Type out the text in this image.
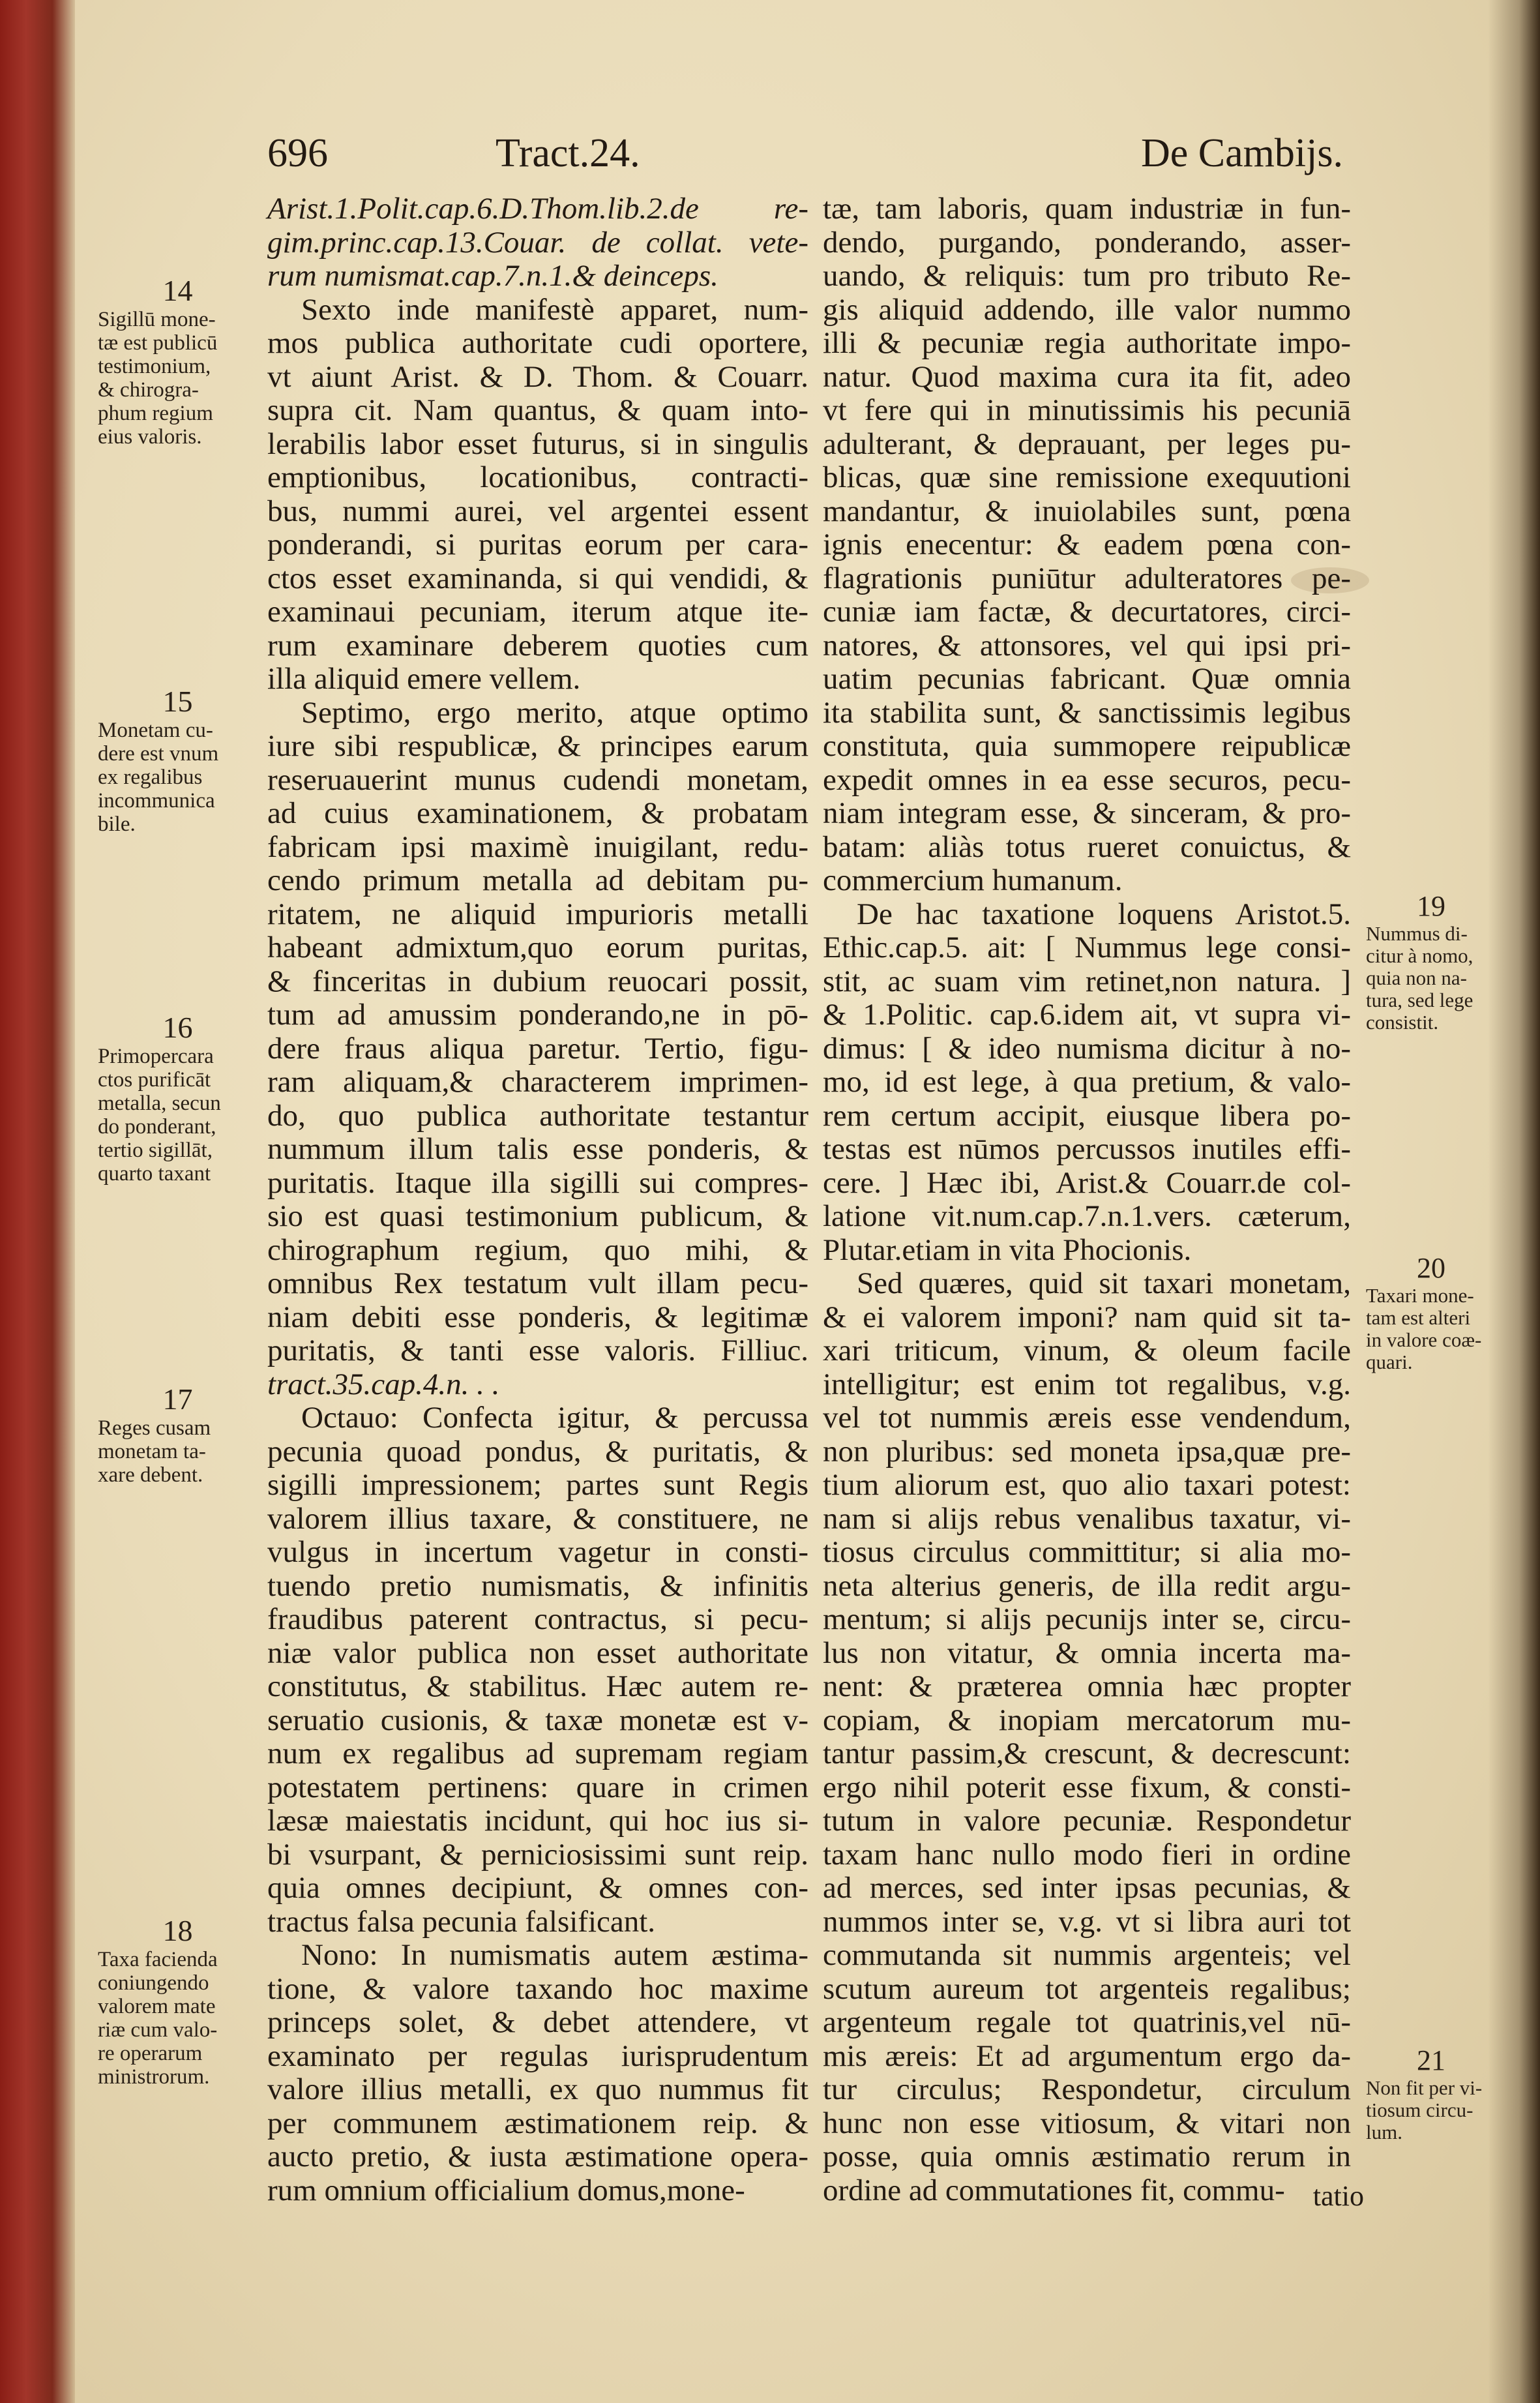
696	Tract.24.	De Cambijs.
Arist.1.Polit.cap.6.D.Thom.lib.2.de re-
gim.princ.cap.13.Couar. de collat. vete-
rum numismat.cap.7.n.1.& deinceps.
Sexto inde manifestè apparet, num-
mos publica authoritate cudi oportere,
vt aiunt Arist. & D. Thom. & Couarr.
supra cit. Nam quantus, & quam into-
lerabilis labor esset futurus, si in singulis
emptionibus, locationibus, contracti-
bus, nummi aurei, vel argentei essent
ponderandi, si puritas eorum per cara-
ctos esset examinanda, si qui vendidi, &
examinaui pecuniam, iterum atque ite-
rum examinare deberem quoties cum
illa aliquid emere vellem.
Septimo, ergo merito, atque optimo
iure sibi respublicæ, & principes earum
reseruauerint munus cudendi monetam,
ad cuius examinationem, & probatam
fabricam ipsi maximè inuigilant, redu-
cendo primum metalla ad debitam pu-
ritatem, ne aliquid impurioris metalli
habeant admixtum,quo eorum puritas,
& finceritas in dubium reuocari possit,
tum ad amussim ponderando,ne in pō-
dere fraus aliqua paretur. Tertio, figu-
ram aliquam,& characterem imprimen-
do, quo publica authoritate testantur
nummum illum talis esse ponderis, &
puritatis. Itaque illa sigilli sui compres-
sio est quasi testimonium publicum, &
chirographum regium, quo mihi, &
omnibus Rex testatum vult illam pecu-
niam debiti esse ponderis, & legitimæ
puritatis, & tanti esse valoris. Filliuc.
tract.35.cap.4.n. . .
Octauo: Confecta igitur, & percussa
pecunia quoad pondus, & puritatis, &
sigilli impressionem; partes sunt Regis
valorem illius taxare, & constituere, ne
vulgus in incertum vagetur in consti-
tuendo pretio numismatis, & infinitis
fraudibus paterent contractus, si pecu-
niæ valor publica non esset authoritate
constitutus, & stabilitus. Hæc autem re-
seruatio cusionis, & taxæ monetæ est v-
num ex regalibus ad supremam regiam
potestatem pertinens: quare in crimen
læsæ maiestatis incidunt, qui hoc ius si-
bi vsurpant, & perniciosissimi sunt reip.
quia omnes decipiunt, & omnes con-
tractus falsa pecunia falsificant.
Nono: In numismatis autem æstima-
tione, & valore taxando hoc maxime
princeps solet, & debet attendere, vt
examinato per regulas iurisprudentum
valore illius metalli, ex quo nummus fit
per communem æstimationem reip. &
aucto pretio, & iusta æstimatione opera-
rum omnium officialium domus,mone-
tæ, tam laboris, quam industriæ in fun-
dendo, purgando, ponderando, asser-
uando, & reliquis: tum pro tributo Re-
gis aliquid addendo, ille valor nummo
illi & pecuniæ regia authoritate impo-
natur. Quod maxima cura ita fit, adeo
vt fere qui in minutissimis his pecuniā
adulterant, & deprauant, per leges pu-
blicas, quæ sine remissione exequutioni
mandantur, & inuiolabiles sunt, pœna
ignis enecentur: & eadem pœna con-
flagrationis puniūtur adulteratores pe-
cuniæ iam factæ, & decurtatores, circi-
natores, & attonsores, vel qui ipsi pri-
uatim pecunias fabricant. Quæ omnia
ita stabilita sunt, & sanctissimis legibus
constituta, quia summopere reipublicæ
expedit omnes in ea esse securos, pecu-
niam integram esse, & sinceram, & pro-
batam: aliàs totus rueret conuictus, &
commercium humanum.
De hac taxatione loquens Aristot.5.
Ethic.cap.5. ait: [ Nummus lege consi-
stit, ac suam vim retinet,non natura. ]
& 1.Politic. cap.6.idem ait, vt supra vi-
dimus: [ & ideo numisma dicitur à no-
mo, id est lege, à qua pretium, & valo-
rem certum accipit, eiusque libera po-
testas est nūmos percussos inutiles effi-
cere. ] Hæc ibi, Arist.& Couarr.de col-
latione vit.num.cap.7.n.1.vers. cæterum,
Plutar.etiam in vita Phocionis.
Sed quæres, quid sit taxari monetam,
& ei valorem imponi? nam quid sit ta-
xari triticum, vinum, & oleum facile
intelligitur; est enim tot regalibus, v.g.
vel tot nummis æreis esse vendendum,
non pluribus: sed moneta ipsa,quæ pre-
tium aliorum est, quo alio taxari potest:
nam si alijs rebus venalibus taxatur, vi-
tiosus circulus committitur; si alia mo-
neta alterius generis, de illa redit argu-
mentum; si alijs pecunijs inter se, circu-
lus non vitatur, & omnia incerta ma-
nent: & præterea omnia hæc propter
copiam, & inopiam mercatorum mu-
tantur passim,& crescunt, & decrescunt:
ergo nihil poterit esse fixum, & consti-
tutum in valore pecuniæ. Respondetur
taxam hanc nullo modo fieri in ordine
ad merces, sed inter ipsas pecunias, &
nummos inter se, v.g. vt si libra auri tot
commutanda sit nummis argenteis; vel
scutum aureum tot argenteis regalibus;
argenteum regale tot quatrinis,vel nū-
mis æreis: Et ad argumentum ergo da-
tur circulus; Respondetur, circulum
hunc non esse vitiosum, & vitari non
posse, quia omnis æstimatio rerum in
ordine ad commutationes fit, commu-
14
Sigillū mone-
tæ est publicū
testimonium,
& chirogra-
phum regium
eius valoris.
15
Monetam cu-
dere est vnum
ex regalibus
incommunica
bile.
16
Primopercara
ctos purificāt
metalla, secun
do ponderant,
tertio sigillāt,
quarto taxant
17
Reges cusam
monetam ta-
xare debent.
18
Taxa facienda
coniungendo
valorem mate
riæ cum valo-
re operarum
ministrorum.
19
Nummus di-
citur à nomo,
quia non na-
tura, sed lege
consistit.
20
Taxari mone-
tam est alteri
in valore coæ-
quari.
21
Non fit per vi-
tiosum circu-
lum.
tatio
